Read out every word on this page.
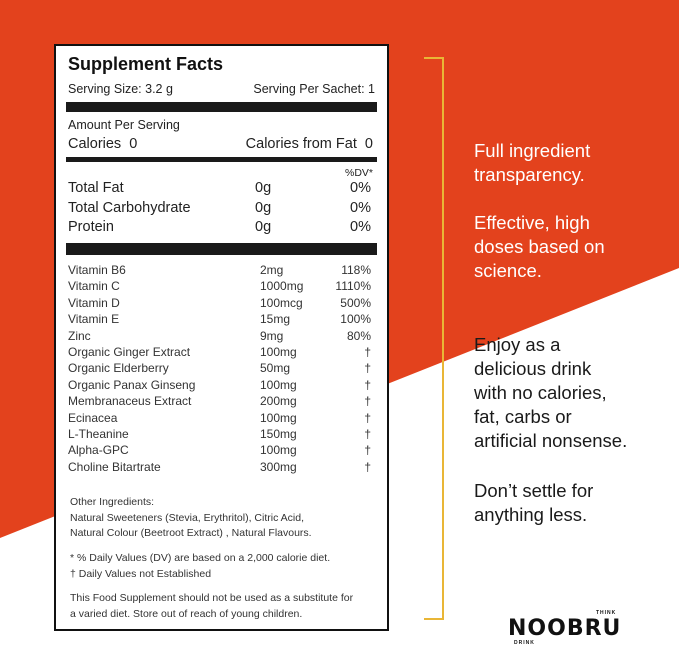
Supplement Facts
Serving Size: 3.2 g	Serving Per Sachet: 1
Amount Per Serving
Calories  0	Calories from Fat  0
%DV*
Total Fat	0g	0%
Total Carbohydrate	0g	0%
Protein	0g	0%
Vitamin B6	2mg	118%
Vitamin C	1000mg	1110%
Vitamin D	100mcg	500%
Vitamin E	15mg	100%
Zinc	9mg	80%
Organic Ginger Extract	100mg	†
Organic Elderberry	50mg	†
Organic Panax Ginseng	100mg	†
Membranaceus Extract	200mg	†
Ecinacea	100mg	†
L-Theanine	150mg	†
Alpha-GPC	100mg	†
Choline Bitartrate	300mg	†
Other Ingredients:
Natural Sweeteners (Stevia, Erythritol), Citric Acid,
Natural Colour (Beetroot Extract) , Natural Flavours.
* % Daily Values (DV) are based on a 2,000 calorie diet.
† Daily Values not Established
This Food Supplement should not be used as a substitute for
a varied diet. Store out of reach of young children.
Full ingredient
transparency.
Effective, high
doses based on
science.
Enjoy as a
delicious drink
with no calories,
fat, carbs or
artificial nonsense.
Don’t settle for
anything less.
THINK
NOOBRU
DRINK
